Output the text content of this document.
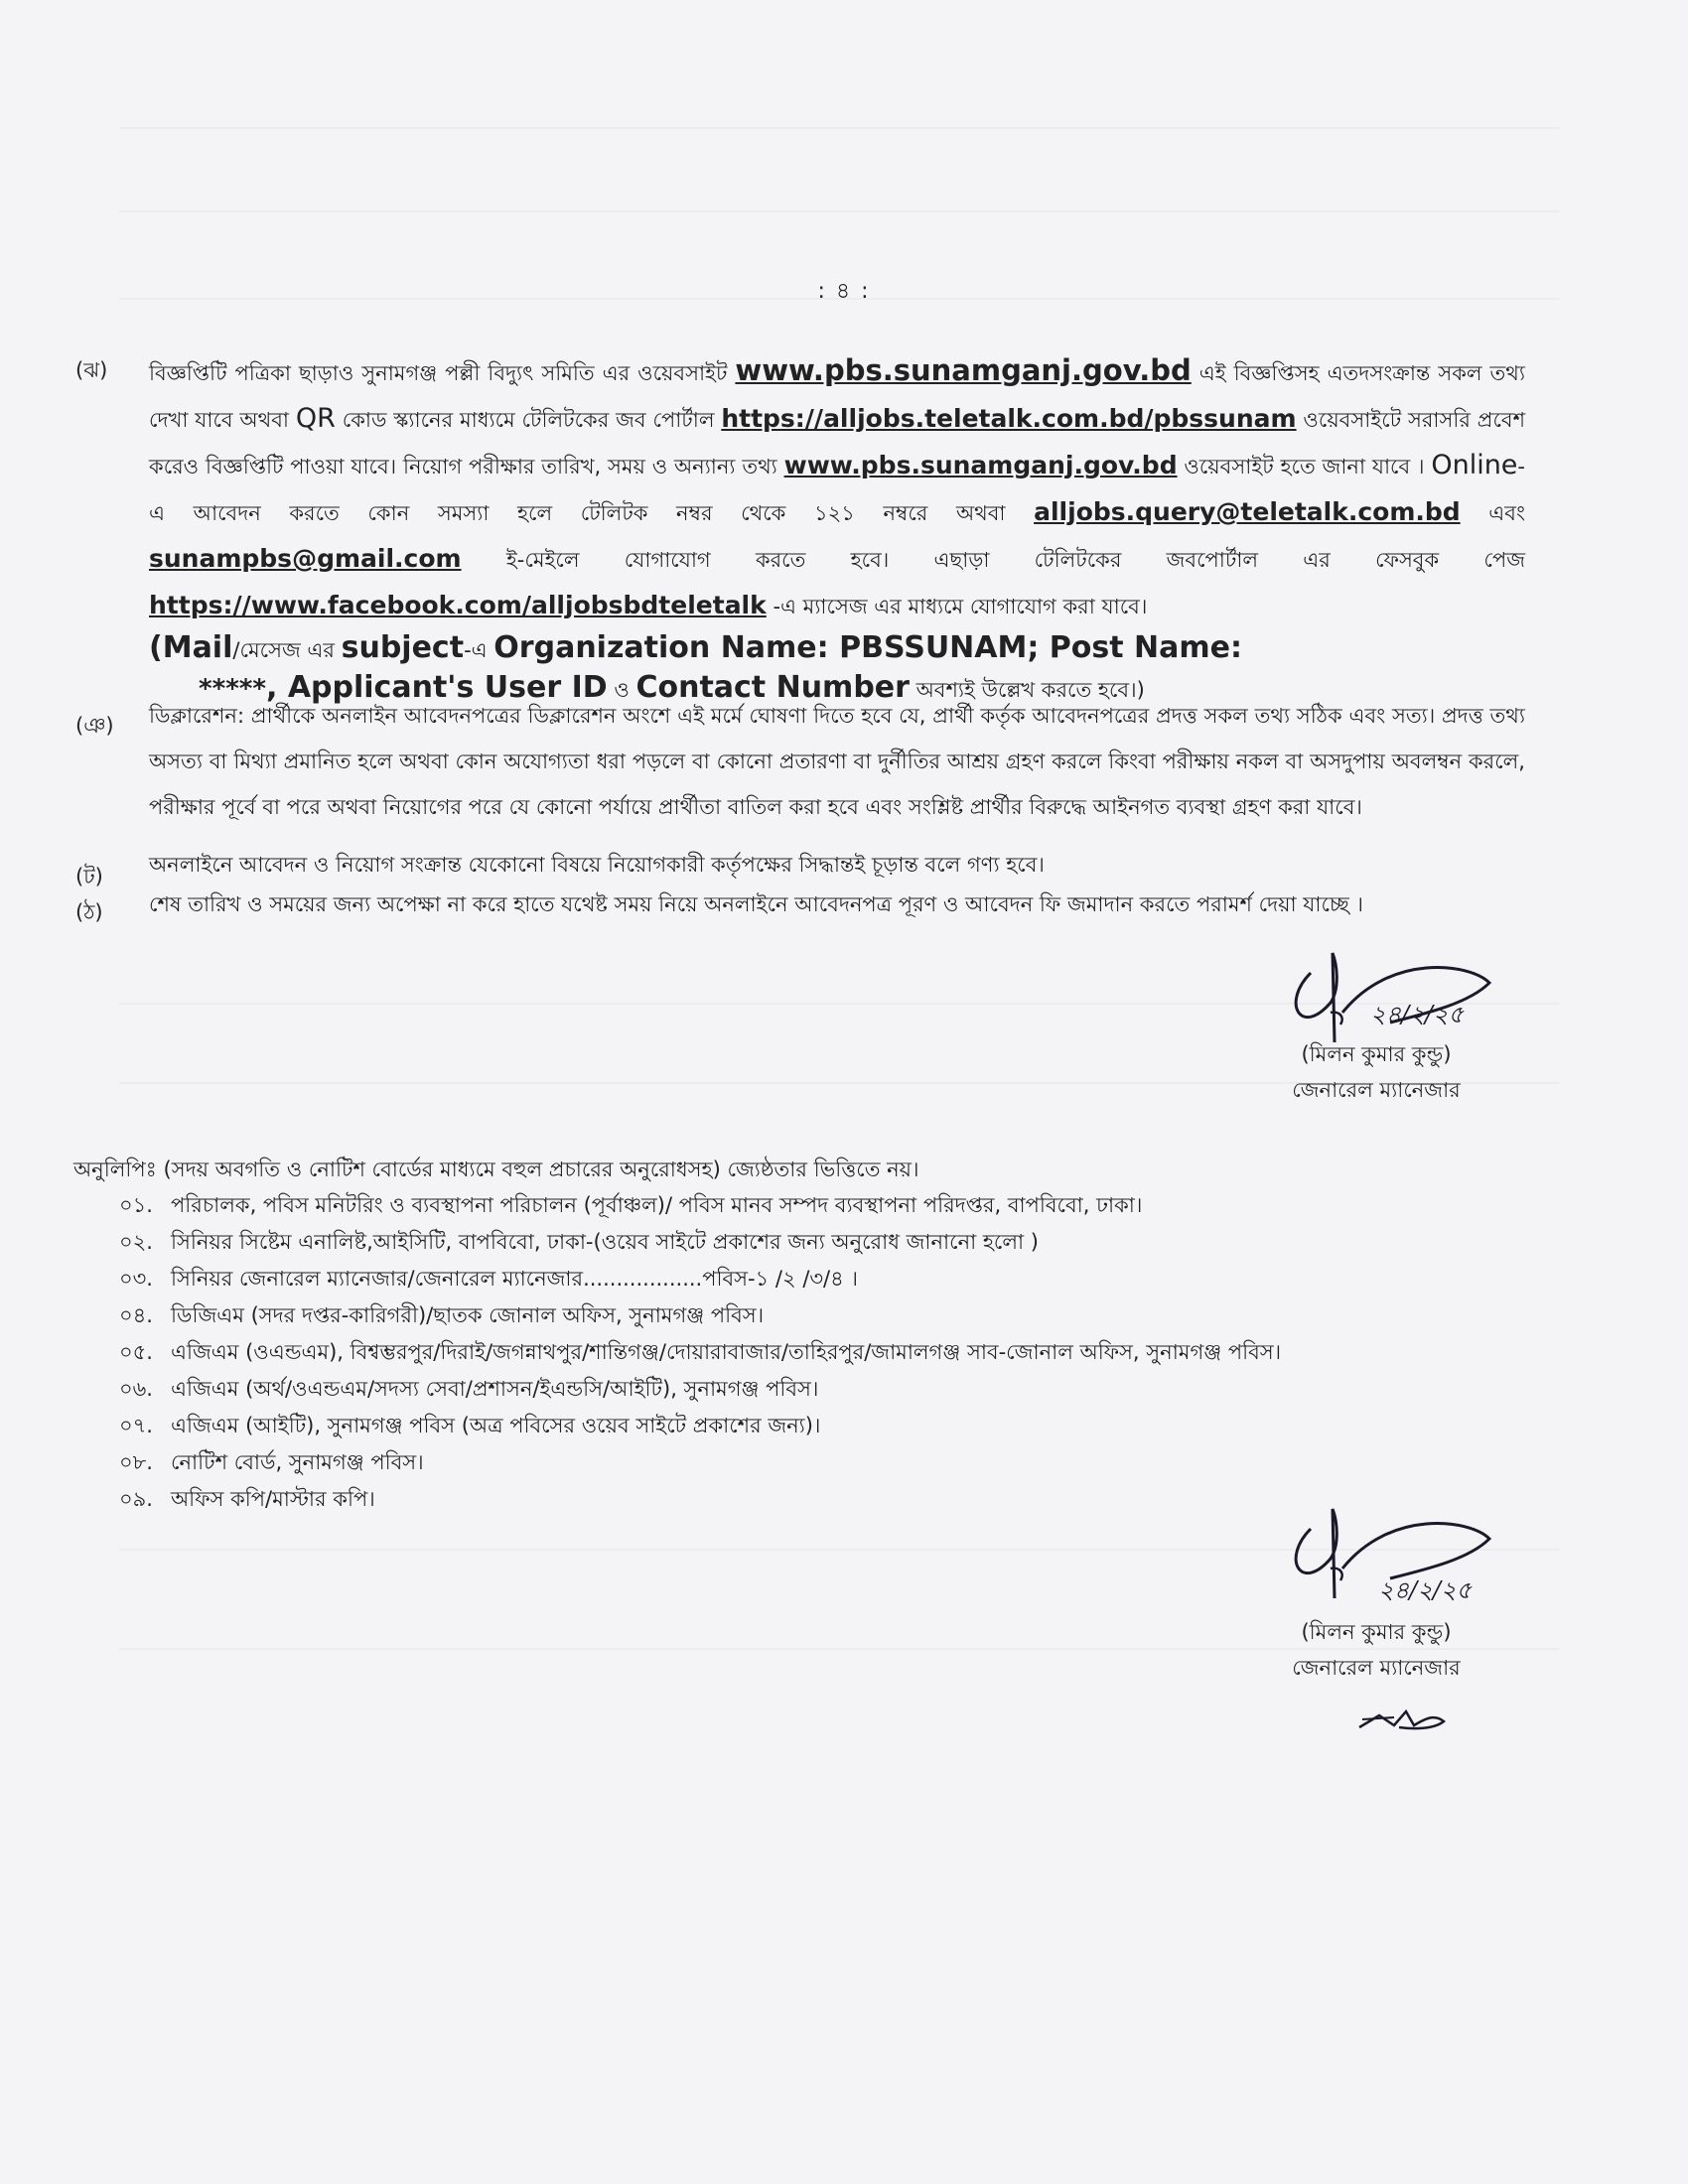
: ৪ :
(ঝ) বিজ্ঞপ্তিটি পত্রিকা ছাড়াও সুনামগঞ্জ পল্লী বিদ্যুৎ সমিতি এর ওয়েবসাইট www.pbs.sunamganj.gov.bd এই বিজ্ঞপ্তিসহ এতদসংক্রান্ত সকল তথ্য দেখা যাবে অথবা QR কোড স্ক্যানের মাধ্যমে টেলিটকের জব পোর্টাল https://alljobs.teletalk.com.bd/pbssunam ওয়েবসাইটে সরাসরি প্রবেশ করেও বিজ্ঞপ্তিটি পাওয়া যাবে। নিয়োগ পরীক্ষার তারিখ, সময় ও অন্যান্য তথ্য www.pbs.sunamganj.gov.bd ওয়েবসাইট হতে জানা যাবে । Online-এ আবেদন করতে কোন সমস্যা হলে টেলিটক নম্বর থেকে ১২১ নম্বরে অথবা alljobs.query@teletalk.com.bd এবং sunampbs@gmail.com ই-মেইলে যোগাযোগ করতে হবে। এছাড়া টেলিটকের জবপোর্টাল এর ফেসবুক পেজ https://www.facebook.com/alljobsbdteletalk -এ ম্যাসেজ এর মাধ্যমে যোগাযোগ করা যাবে।
(Mail/মেসেজ এর subject-এ Organization Name: PBSSUNAM; Post Name:
*****, Applicant's User ID ও Contact Number অবশ্যই উল্লেখ করতে হবে।)
(ঞ) ডিক্লারেশন: প্রার্থীকে অনলাইন আবেদনপত্রের ডিক্লারেশন অংশে এই মর্মে ঘোষণা দিতে হবে যে, প্রার্থী কর্তৃক আবেদনপত্রের প্রদত্ত সকল তথ্য সঠিক এবং সত্য। প্রদত্ত তথ্য অসত্য বা মিথ্যা প্রমানিত হলে অথবা কোন অযোগ্যতা ধরা পড়লে বা কোনো প্রতারণা বা দুর্নীতির আশ্রয় গ্রহণ করলে কিংবা পরীক্ষায় নকল বা অসদুপায় অবলম্বন করলে, পরীক্ষার পূর্বে বা পরে অথবা নিয়োগের পরে যে কোনো পর্যায়ে প্রার্থীতা বাতিল করা হবে এবং সংশ্লিষ্ট প্রার্থীর বিরুদ্ধে আইনগত ব্যবস্থা গ্রহণ করা যাবে।
(ট) অনলাইনে আবেদন ও নিয়োগ সংক্রান্ত যেকোনো বিষয়ে নিয়োগকারী কর্তৃপক্ষের সিদ্ধান্তই চূড়ান্ত বলে গণ্য হবে।
(ঠ) শেষ তারিখ ও সময়ের জন্য অপেক্ষা না করে হাতে যথেষ্ট সময় নিয়ে অনলাইনে আবেদনপত্র পূরণ ও আবেদন ফি জমাদান করতে পরামর্শ দেয়া যাচ্ছে ।
২৪/২/২৫
(মিলন কুমার কুন্ডু)
জেনারেল ম্যানেজার
অনুলিপিঃ (সদয় অবগতি ও নোটিশ বোর্ডের মাধ্যমে বহুল প্রচারের অনুরোধসহ) জ্যেষ্ঠতার ভিত্তিতে নয়।
০১. পরিচালক, পবিস মনিটরিং ও ব্যবস্থাপনা পরিচালন (পূর্বাঞ্চল)/ পবিস মানব সম্পদ ব্যবস্থাপনা পরিদপ্তর, বাপবিবো, ঢাকা।
০২. সিনিয়র সিষ্টেম এনালিষ্ট,আইসিটি, বাপবিবো, ঢাকা-(ওয়েব সাইটে প্রকাশের জন্য অনুরোধ জানানো হলো )
০৩. সিনিয়র জেনারেল ম্যানেজার/জেনারেল ম্যানেজার..................পবিস-১ /২ /৩/৪ ।
০৪. ডিজিএম (সদর দপ্তর-কারিগরী)/ছাতক জোনাল অফিস, সুনামগঞ্জ পবিস।
০৫. এজিএম (ওএন্ডএম), বিশ্বম্ভরপুর/দিরাই/জগন্নাথপুর/শান্তিগঞ্জ/দোয়ারাবাজার/তাহিরপুর/জামালগঞ্জ সাব-জোনাল অফিস, সুনামগঞ্জ পবিস।
০৬. এজিএম (অর্থ/ওএন্ডএম/সদস্য সেবা/প্রশাসন/ইএন্ডসি/আইটি), সুনামগঞ্জ পবিস।
০৭. এজিএম (আইটি), সুনামগঞ্জ পবিস (অত্র পবিসের ওয়েব সাইটে প্রকাশের জন্য)।
০৮. নোটিশ বোর্ড, সুনামগঞ্জ পবিস।
০৯. অফিস কপি/মাস্টার কপি।
২৪/২/২৫
(মিলন কুমার কুন্ডু)
জেনারেল ম্যানেজার
